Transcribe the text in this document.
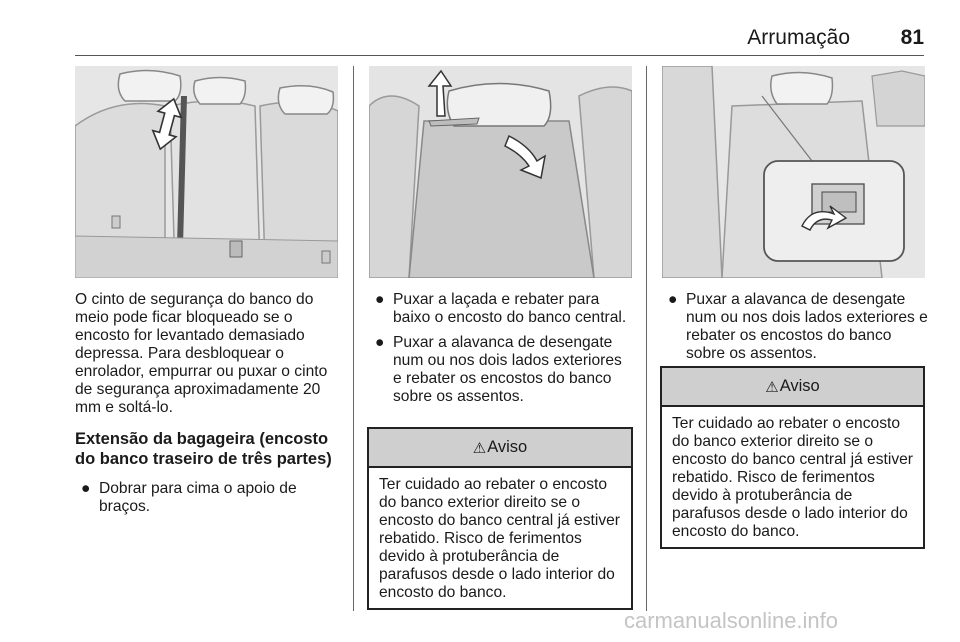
Arrumação	81

O cinto de segurança do banco do meio pode ficar bloqueado se o encosto for levantado demasiado depressa. Para desbloquear o enrolador, empurrar ou puxar o cinto de segurança aproximadamente 20 mm e soltá-lo.

Extensão da bagageira (encosto do banco traseiro de três partes)
● Dobrar para cima o apoio de braços.
● Puxar a laçada e rebater para baixo o encosto do banco central.
● Puxar a alavanca de desengate num ou nos dois lados exteriores e rebater os encostos do banco sobre os assentos.
⚠ Aviso
Ter cuidado ao rebater o encosto do banco exterior direito se o encosto do banco central já estiver rebatido. Risco de ferimentos devido à protuberância de parafusos desde o lado interior do encosto do banco.
● Puxar a alavanca de desengate num ou nos dois lados exteriores e rebater os encostos do banco sobre os assentos.
⚠ Aviso
Ter cuidado ao rebater o encosto do banco exterior direito se o encosto do banco central já estiver rebatido. Risco de ferimentos devido à protuberância de parafusos desde o lado interior do encosto do banco.
carmanualsonline.info
